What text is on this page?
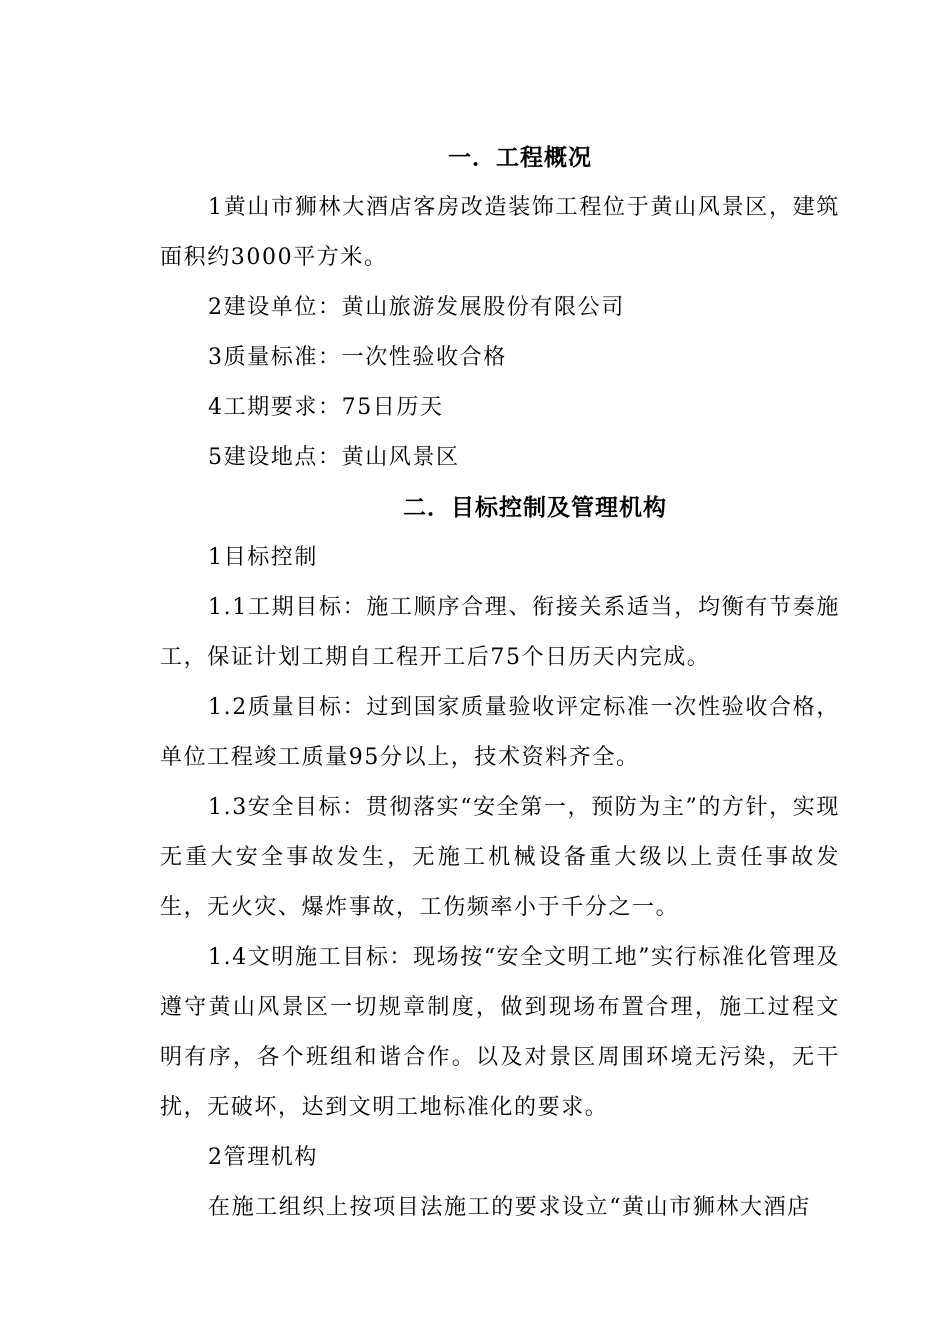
一．工程概况

1黄山市狮林大酒店客房改造装饰工程位于黄山风景区，建筑面积约3000平方米。

2建设单位：黄山旅游发展股份有限公司

3质量标准：一次性验收合格

4工期要求：75日历天

5建设地点：黄山风景区

二．目标控制及管理机构

1目标控制

1.1工期目标：施工顺序合理、衔接关系适当，均衡有节奏施工，保证计划工期自工程开工后75个日历天内完成。

1.2质量目标：过到国家质量验收评定标准一次性验收合格，单位工程竣工质量95分以上，技术资料齐全。

1.3安全目标：贯彻落实“安全第一，预防为主”的方针，实现无重大安全事故发生，无施工机械设备重大级以上责任事故发生，无火灾、爆炸事故，工伤频率小于千分之一。

1.4文明施工目标：现场按“安全文明工地”实行标准化管理及遵守黄山风景区一切规章制度，做到现场布置合理，施工过程文明有序，各个班组和谐合作。以及对景区周围环境无污染，无干扰，无破坏，达到文明工地标准化的要求。

2管理机构

在施工组织上按项目法施工的要求设立“黄山市狮林大酒店
